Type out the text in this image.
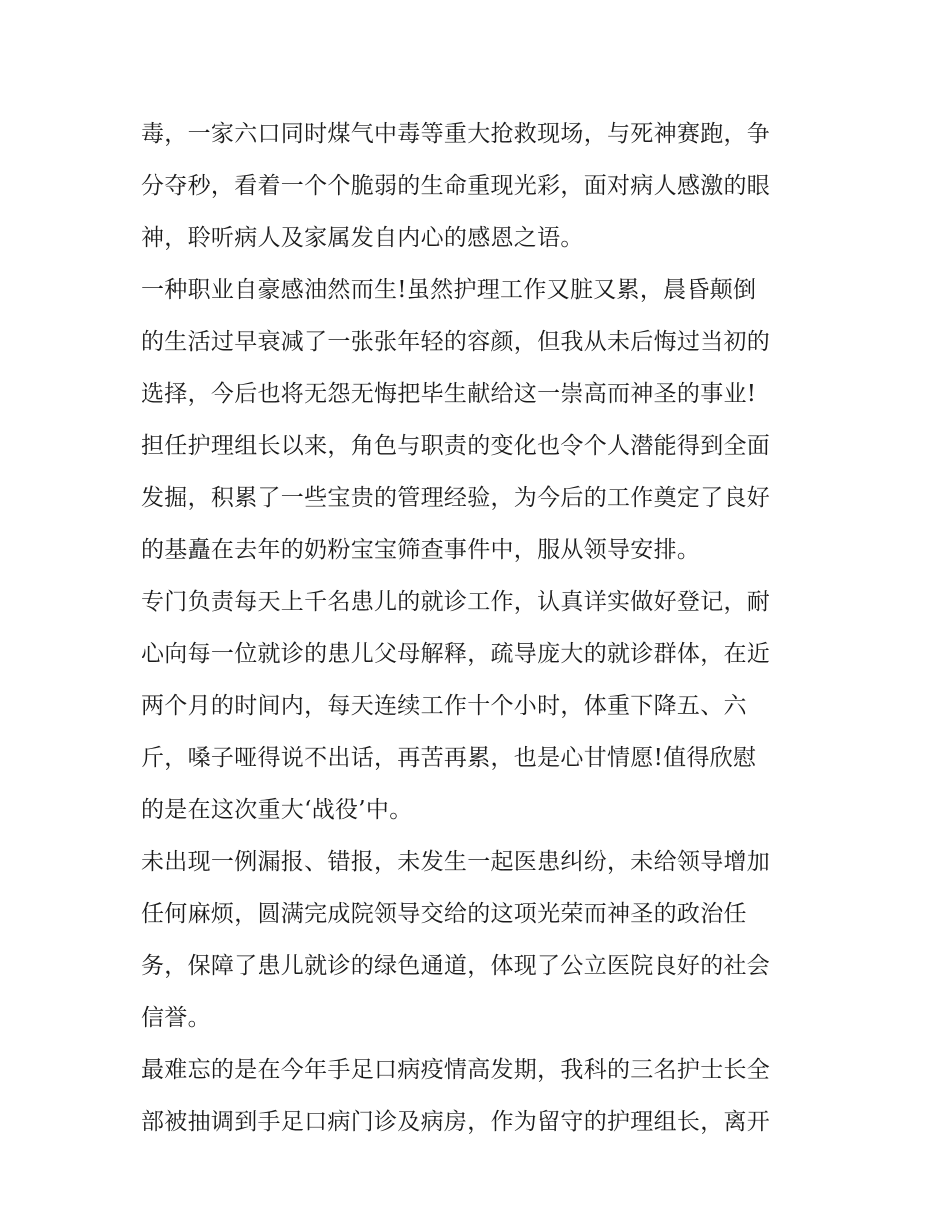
毒，一家六口同时煤气中毒等重大抢救现场，与死神赛跑，争
分夺秒，看着一个个脆弱的生命重现光彩，面对病人感激的眼
神，聆听病人及家属发自内心的感恩之语。
一种职业自豪感油然而生!虽然护理工作又脏又累，晨昏颠倒
的生活过早衰减了一张张年轻的容颜，但我从未后悔过当初的
选择，今后也将无怨无悔把毕生献给这一崇高而神圣的事业!
担任护理组长以来，角色与职责的变化也令个人潜能得到全面
发掘，积累了一些宝贵的管理经验，为今后的工作奠定了良好
的基矗在去年的奶粉宝宝筛查事件中，服从领导安排。
专门负责每天上千名患儿的就诊工作，认真详实做好登记，耐
心向每一位就诊的患儿父母解释，疏导庞大的就诊群体，在近
两个月的时间内，每天连续工作十个小时，体重下降五、六
斤，嗓子哑得说不出话，再苦再累，也是心甘情愿!值得欣慰
的是在这次重大‘战役’中。
未出现一例漏报、错报，未发生一起医患纠纷，未给领导增加
任何麻烦，圆满完成院领导交给的这项光荣而神圣的政治任
务，保障了患儿就诊的绿色通道，体现了公立医院良好的社会
信誉。
最难忘的是在今年手足口病疫情高发期，我科的三名护士长全
部被抽调到手足口病门诊及病房，作为留守的护理组长，离开
